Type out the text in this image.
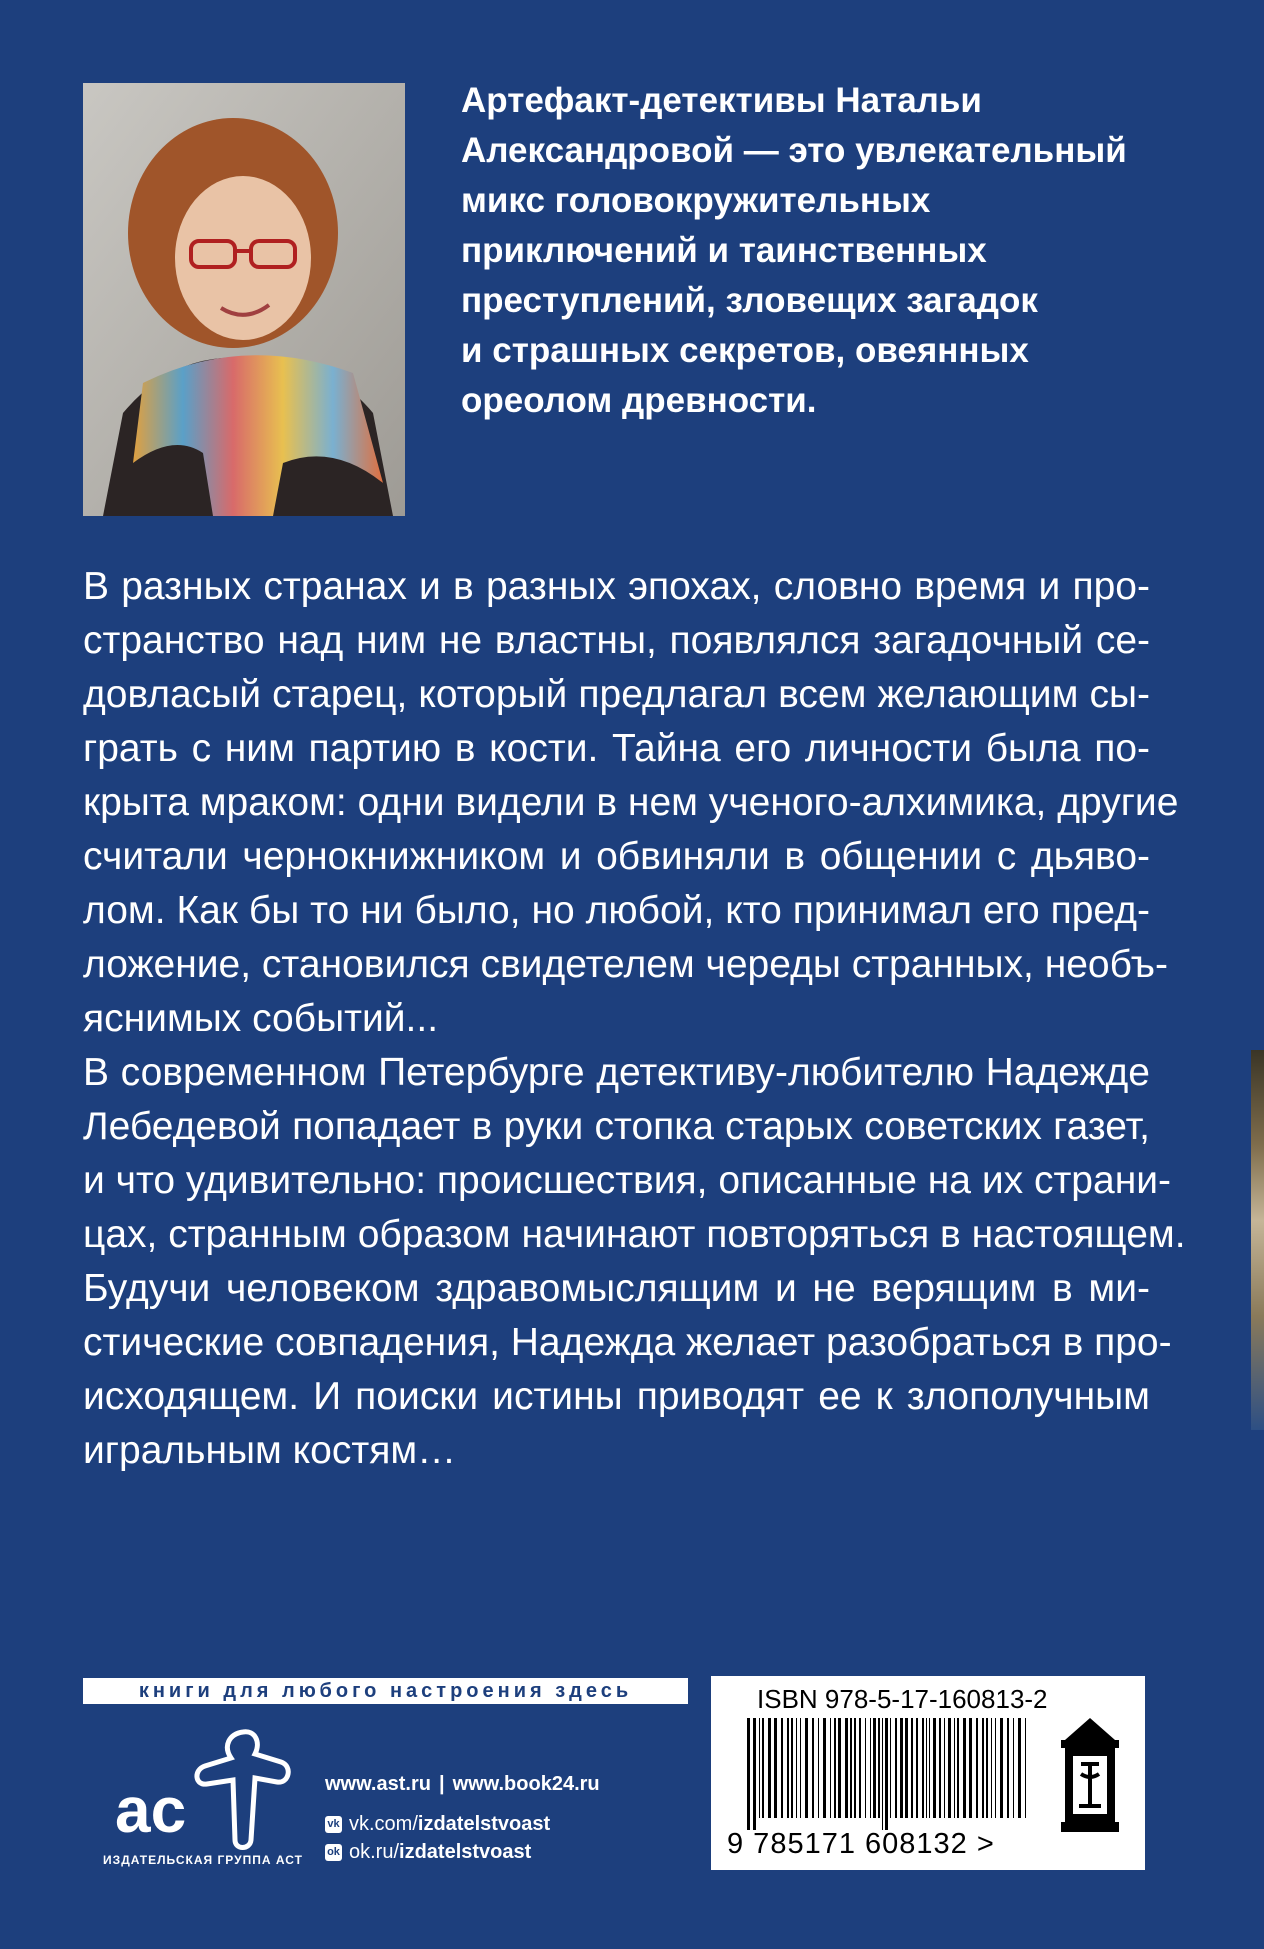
Артефакт-детективы Натальи
Александровой — это увлекательный
микс головокружительных
приключений и таинственных
преступлений, зловещих загадок
и страшных секретов, овеянных
ореолом древности.
В разных странах и в разных эпохах, словно время и про-
странство над ним не властны, появлялся загадочный се-
довласый старец, который предлагал всем желающим сы-
грать с ним партию в кости. Тайна его личности была по-
крыта мраком: одни видели в нем ученого-алхимика, другие
считали чернокнижником и обвиняли в общении с дьяво-
лом. Как бы то ни было, но любой, кто принимал его пред-
ложение, становился свидетелем череды странных, необъ-
яснимых событий...
В современном Петербурге детективу-любителю Надежде
Лебедевой попадает в руки стопка старых советских газет,
и что удивительно: происшествия, описанные на их страни-
цах, странным образом начинают повторяться в настоящем.
Будучи человеком здравомыслящим и не верящим в ми-
стические совпадения, Надежда желает разобраться в про-
исходящем. И поиски истины приводят ее к злополучным
игральным костям…
книги для любого настроения здесь
ac
ИЗДАТЕЛЬСКАЯ ГРУППА АСТ
www.ast.ru | www.book24.ru
vk vk.com/ izdatelstvoast
ok ok.ru/ izdatelstvoast
ISBN 978-5-17-160813-2
9 785171 608132 >
